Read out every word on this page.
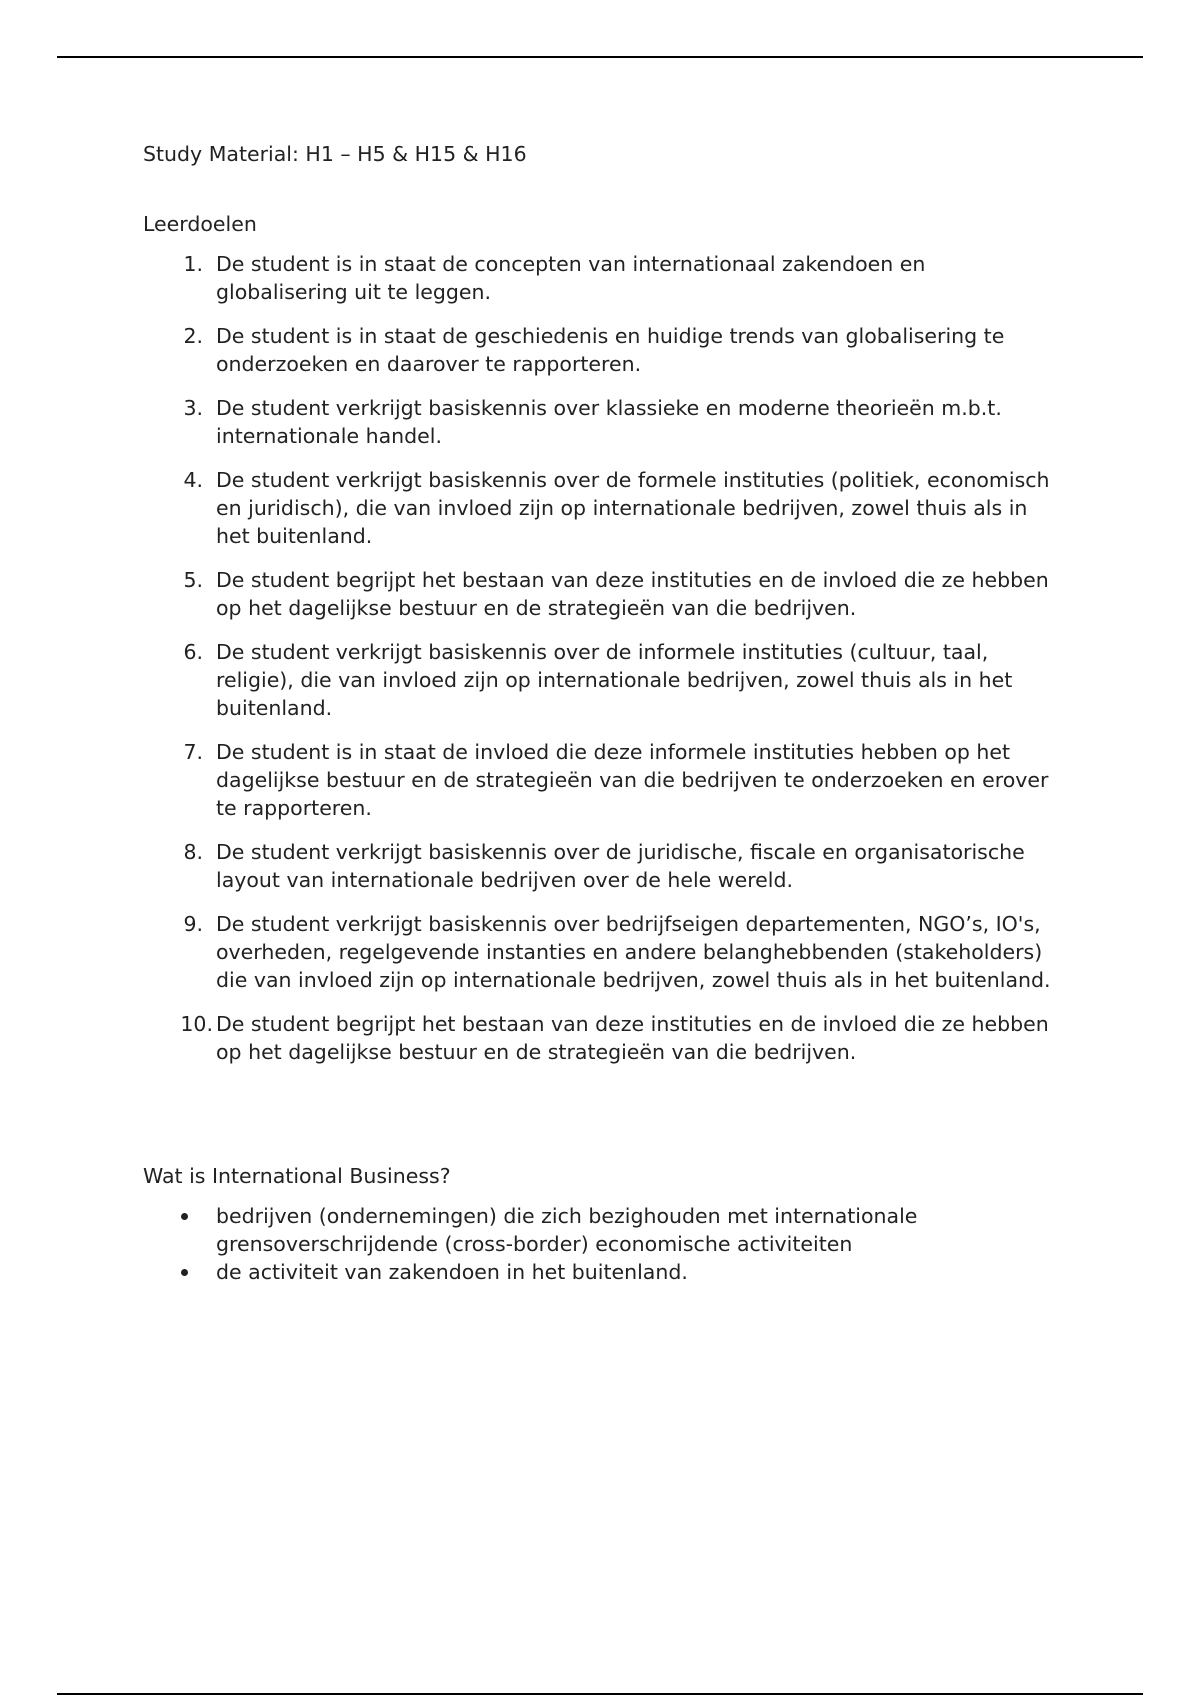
Study Material: H1 – H5 & H15 & H16

Leerdoelen

1. De student is in staat de concepten van internationaal zakendoen en globalisering uit te leggen.
2. De student is in staat de geschiedenis en huidige trends van globalisering te onderzoeken en daarover te rapporteren.
3. De student verkrijgt basiskennis over klassieke en moderne theorieën m.b.t. internationale handel.
4. De student verkrijgt basiskennis over de formele instituties (politiek, economisch en juridisch), die van invloed zijn op internationale bedrijven, zowel thuis als in het buitenland.
5. De student begrijpt het bestaan van deze instituties en de invloed die ze hebben op het dagelijkse bestuur en de strategieën van die bedrijven.
6. De student verkrijgt basiskennis over de informele instituties (cultuur, taal, religie), die van invloed zijn op internationale bedrijven, zowel thuis als in het buitenland.
7. De student is in staat de invloed die deze informele instituties hebben op het dagelijkse bestuur en de strategieën van die bedrijven te onderzoeken en erover te rapporteren.
8. De student verkrijgt basiskennis over de juridische, fiscale en organisatorische layout van internationale bedrijven over de hele wereld.
9. De student verkrijgt basiskennis over bedrijfseigen departementen, NGO’s, IO's, overheden, regelgevende instanties en andere belanghebbenden (stakeholders) die van invloed zijn op internationale bedrijven, zowel thuis als in het buitenland.
10. De student begrijpt het bestaan van deze instituties en de invloed die ze hebben op het dagelijkse bestuur en de strategieën van die bedrijven.

Wat is International Business?

bedrijven (ondernemingen) die zich bezighouden met internationale grensoverschrijdende (cross-border) economische activiteiten
de activiteit van zakendoen in het buitenland.
